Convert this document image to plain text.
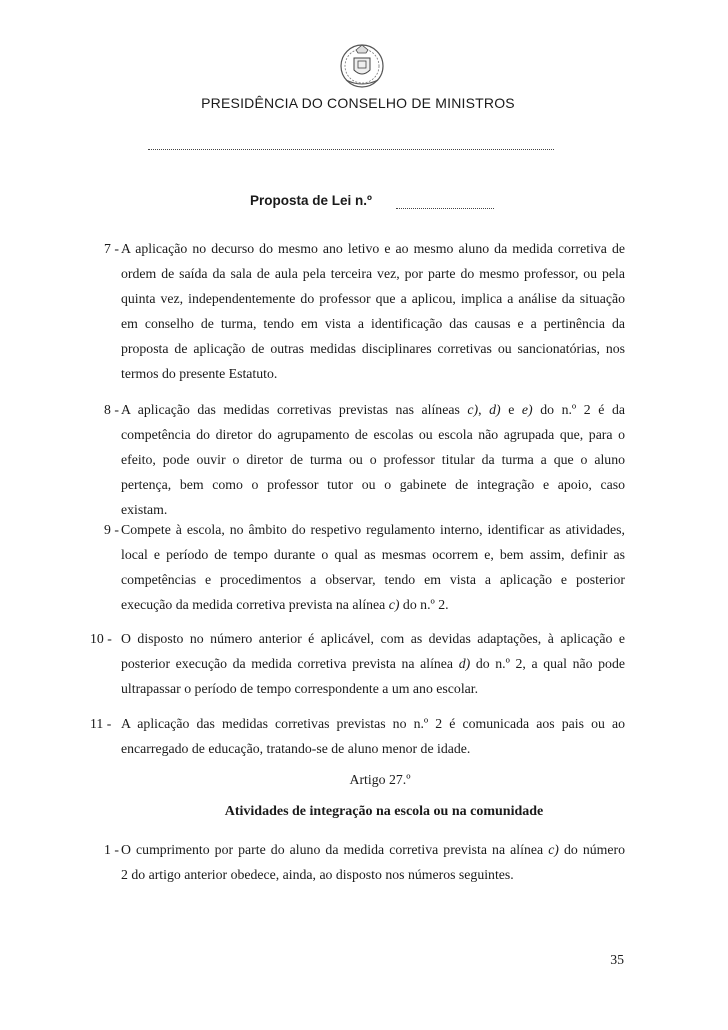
PRESIDÊNCIA DO CONSELHO DE MINISTROS
Proposta de Lei n.º
7 - A aplicação no decurso do mesmo ano letivo e ao mesmo aluno da medida corretiva de
ordem de saída da sala de aula pela terceira vez, por parte do mesmo professor, ou pela
quinta vez, independentemente do professor que a aplicou, implica a análise da situação
em conselho de turma, tendo em vista a identificação das causas e a pertinência da
proposta de aplicação de outras medidas disciplinares corretivas ou sancionatórias, nos
termos do presente Estatuto.
8 - A aplicação das medidas corretivas previstas nas alíneas c), d) e e) do n.º 2 é da
competência do diretor do agrupamento de escolas ou escola não agrupada que, para o
efeito, pode ouvir o diretor de turma ou o professor titular da turma a que o aluno
pertença, bem como o professor tutor ou o gabinete de integração e apoio, caso
existam.
9 - Compete à escola, no âmbito do respetivo regulamento interno, identificar as atividades,
local e período de tempo durante o qual as mesmas ocorrem e, bem assim, definir as
competências e procedimentos a observar, tendo em vista a aplicação e posterior
execução da medida corretiva prevista na alínea c) do n.º 2.
10 - O disposto no número anterior é aplicável, com as devidas adaptações, à aplicação e
posterior execução da medida corretiva prevista na alínea d) do n.º 2, a qual não pode
ultrapassar o período de tempo correspondente a um ano escolar.
11 - A aplicação das medidas corretivas previstas no n.º 2 é comunicada aos pais ou ao
encarregado de educação, tratando-se de aluno menor de idade.
Artigo 27.º
Atividades de integração na escola ou na comunidade
1 - O cumprimento por parte do aluno da medida corretiva prevista na alínea c) do número
2 do artigo anterior obedece, ainda, ao disposto nos números seguintes.
35
